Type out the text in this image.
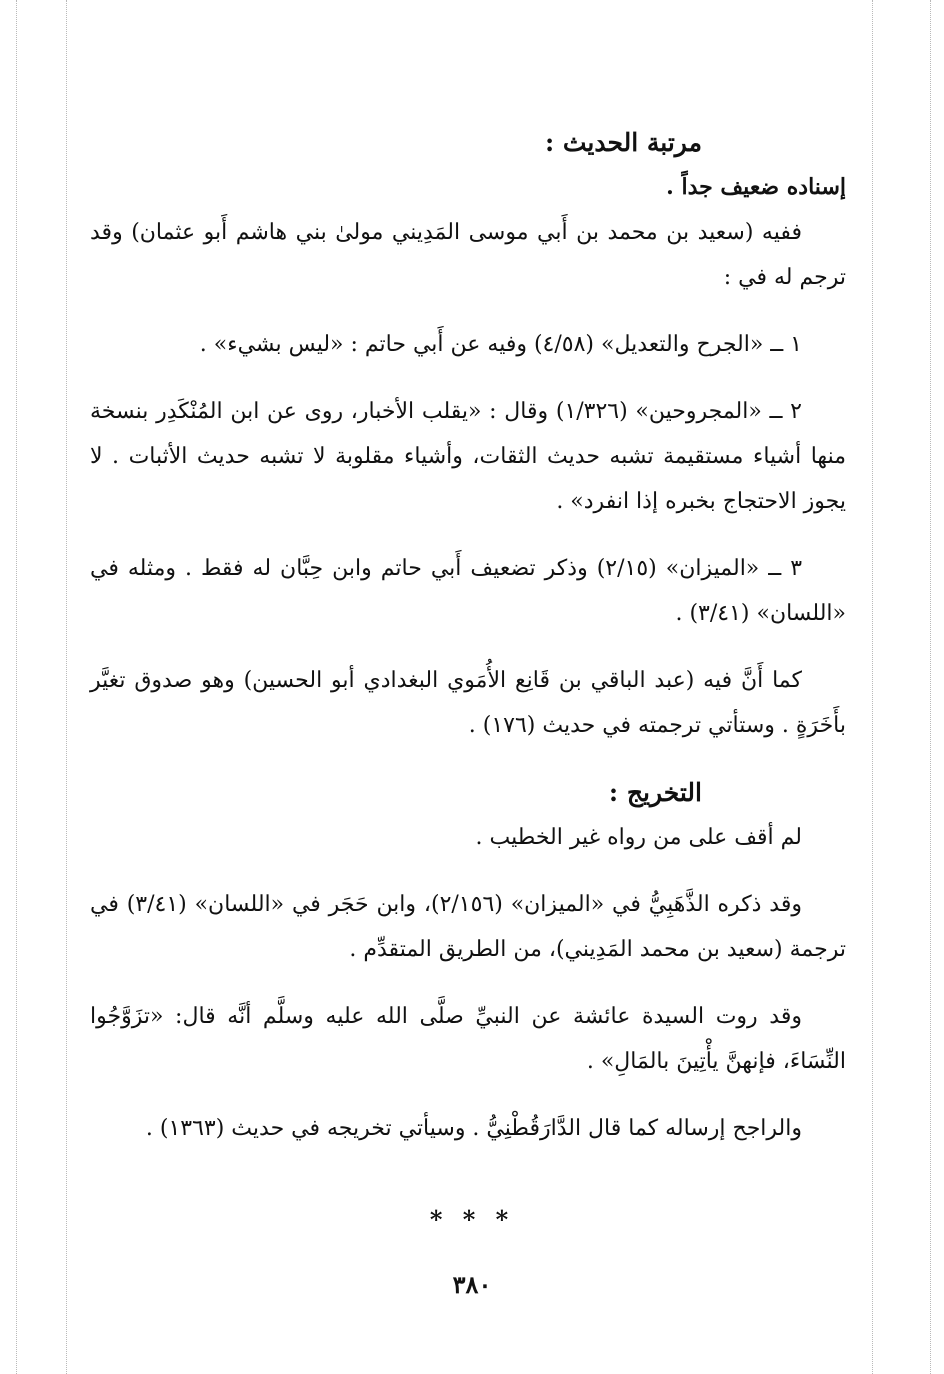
مرتبة الحديث :

إسناده ضعيف جداً .

ففيه (سعيد بن محمد بن أَبي موسى المَدِيني مولىٰ بني هاشم أَبو عثمان) وقد ترجم له في :

١ ــ «الجرح والتعديل» (٤/٥٨) وفيه عن أَبي حاتم : «ليس بشيء» .

٢ ــ «المجروحين» (١/٣٢٦) وقال : «يقلب الأخبار، روى عن ابن المُنْكَدِر بنسخة منها أشياء مستقيمة تشبه حديث الثقات، وأشياء مقلوبة لا تشبه حديث الأثبات . لا يجوز الاحتجاج بخبره إذا انفرد» .

٣ ــ «الميزان» (٢/١٥) وذكر تضعيف أَبي حاتم وابن حِبَّان له فقط . ومثله في «اللسان» (٣/٤١) .

كما أَنَّ فيه (عبد الباقي بن قَانِع الأُمَوي البغدادي أبو الحسين) وهو صدوق تغيَّر بأَخَرَةٍ . وستأتي ترجمته في حديث (١٧٦) .

التخريج :

لم أقف على من رواه غير الخطيب .

وقد ذكره الذَّهَبِيُّ في «الميزان» (٢/١٥٦)، وابن حَجَر في «اللسان» (٣/٤١) في ترجمة (سعيد بن محمد المَدِيني)، من الطريق المتقدِّم .

وقد روت السيدة عائشة عن النبيِّ صلَّى الله عليه وسلَّم أنَّه قال: «تزَوَّجُوا النِّسَاءَ، فإنهنَّ يأْتِينَ بالمَالِ» .

والراجح إرساله كما قال الدَّارَقُطْنِيُّ . وسيأتي تخريجه في حديث (١٣٦٣) .

* * *
٣٨٠
